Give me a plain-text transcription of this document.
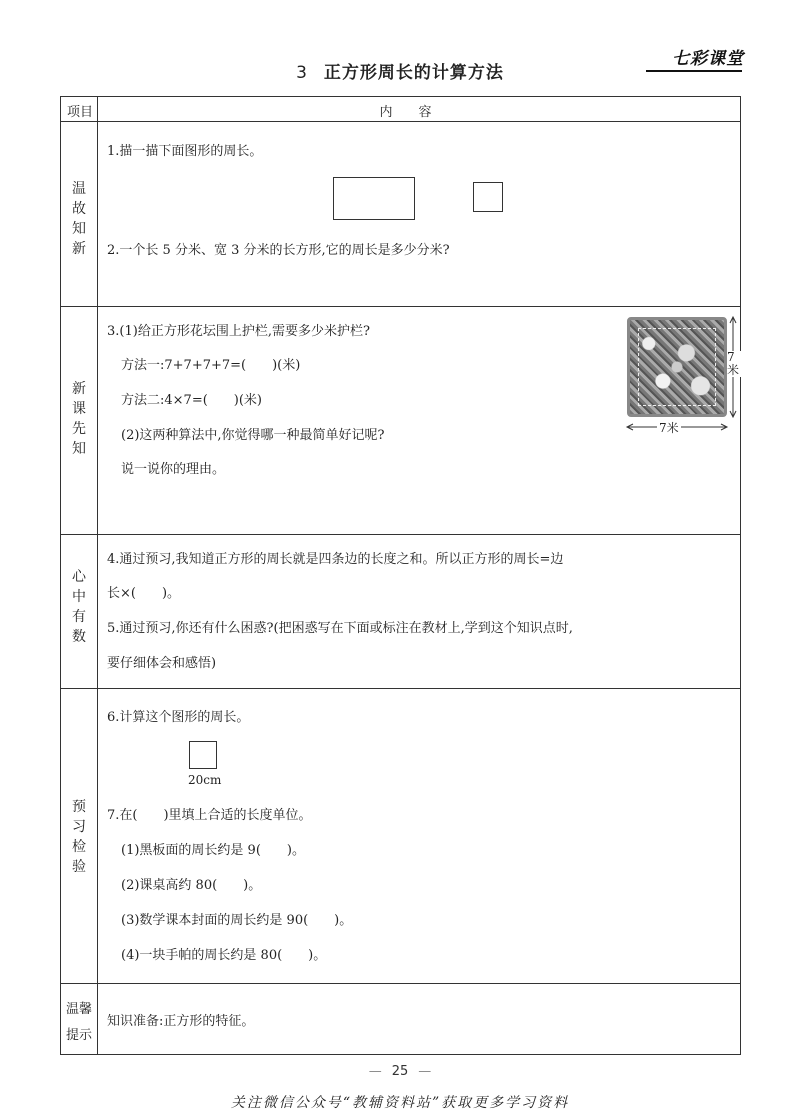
3 正方形周长的计算方法
七彩课堂
项目	内容
温
故
知
新
1.描一描下面图形的周长。
2.一个长 5 分米、宽 3 分米的长方形,它的周长是多少分米?
新
课
先
知
3.(1)给正方形花坛围上护栏,需要多少米护栏?
方法一:7+7+7+7=(　　)(米)
方法二:4×7=(　　)(米)
(2)这两种算法中,你觉得哪一种最简单好记呢?
说一说你的理由。
7米
7米
心
中
有
数
4.通过预习,我知道正方形的周长就是四条边的长度之和。所以正方形的周长=边
长×(　　)。
5.通过预习,你还有什么困惑?(把困惑写在下面或标注在教材上,学到这个知识点时,
要仔细体会和感悟)
预
习
检
验
6.计算这个图形的周长。
20cm
7.在(　　)里填上合适的长度单位。
(1)黑板面的周长约是 9(　　)。
(2)课桌高约 80(　　)。
(3)数学课本封面的周长约是 90(　　)。
(4)一块手帕的周长约是 80(　　)。
温馨
提示
知识准备:正方形的特征。
— 25 —
关注微信公众号“教辅资料站”获取更多学习资料
